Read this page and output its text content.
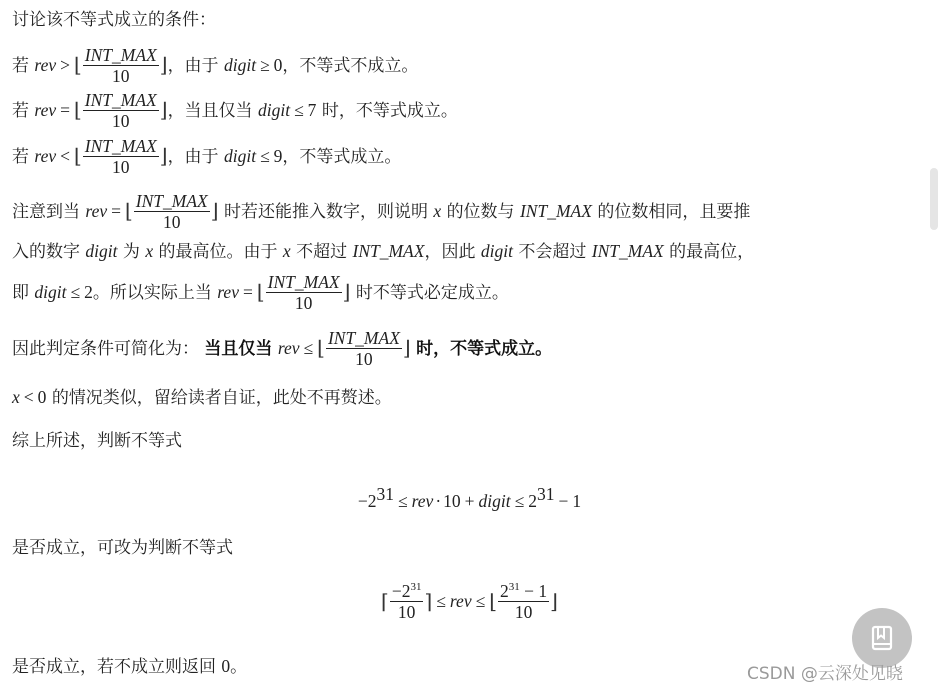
讨论该不等式成立的条件：
若 rev > ⌊ $\frac{\text{INT\_MAX}}{10}$ ⌋，由于 digit ≥ 0，不等式不成立。
若 rev = ⌊ $\frac{\text{INT\_MAX}}{10}$ ⌋，当且仅当 digit ≤ 7 时，不等式成立。
若 rev < ⌊ $\frac{\text{INT\_MAX}}{10}$ ⌋，由于 digit ≤ 9，不等式成立。
注意到当 rev = ⌊ $\frac{\text{INT\_MAX}}{10}$ ⌋ 时若还能推入数字，则说明 x 的位数与 INT_MAX 的位数相同，且要推
入的数字 digit 为 x 的最高位。由于 x 不超过 INT_MAX，因此 digit 不会超过 INT_MAX 的最高位，
即 digit ≤ 2。所以实际上当 rev = ⌊ $\frac{\text{INT\_MAX}}{10}$ ⌋ 时不等式必定成立。
因此判定条件可简化为： 当且仅当 rev ≤ ⌊ $\frac{\text{INT\_MAX}}{10}$ ⌋ 时，不等式成立。
x < 0 的情况类似，留给读者自证，此处不再赘述。
综上所述，判断不等式
$-2^{31}$ ≤ rev · 10 + digit ≤ $2^{31} - 1$
是否成立，可改为判断不等式
⌈ $\frac{-2^{31}}{10}$ ⌉ ≤ rev ≤ ⌊ $\frac{2^{31} - 1}{10}$ ⌋
是否成立，若不成立则返回 0。	CSDN @云深处见晓
